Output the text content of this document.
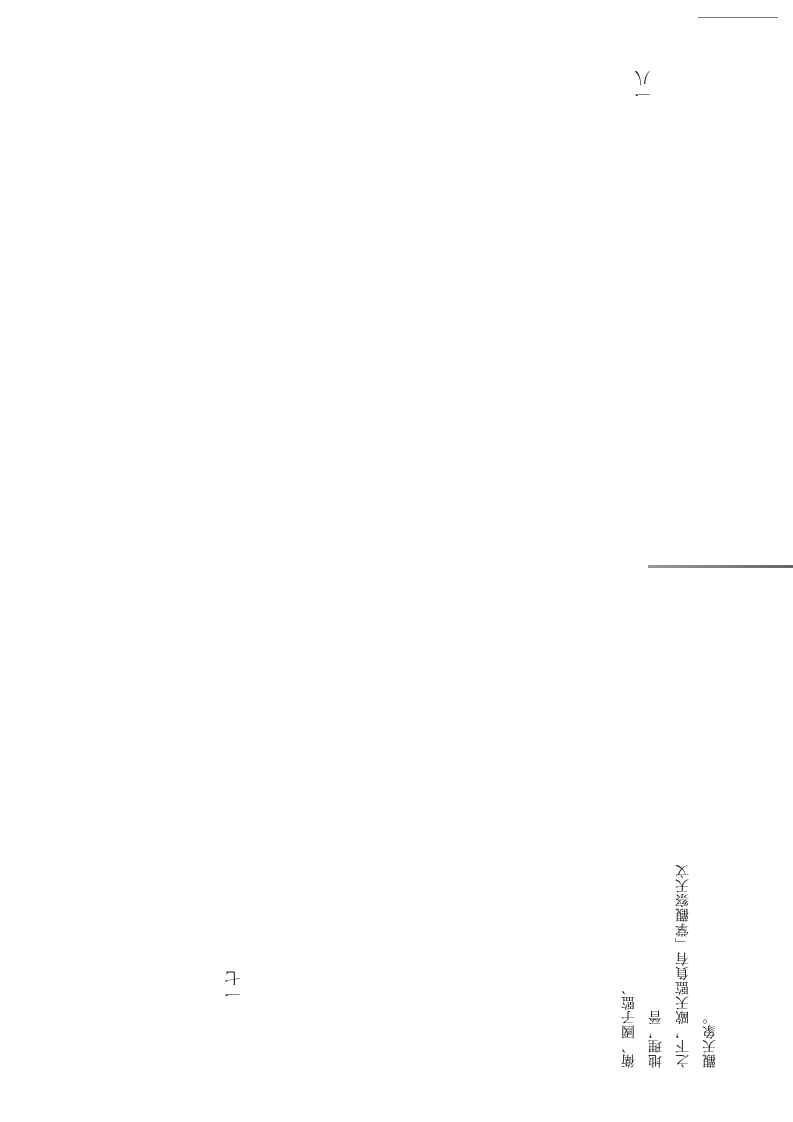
觀天象。
之下，歐天監負有「掌觀察天文
地理，晉
衛、國子監、
一七
一八
